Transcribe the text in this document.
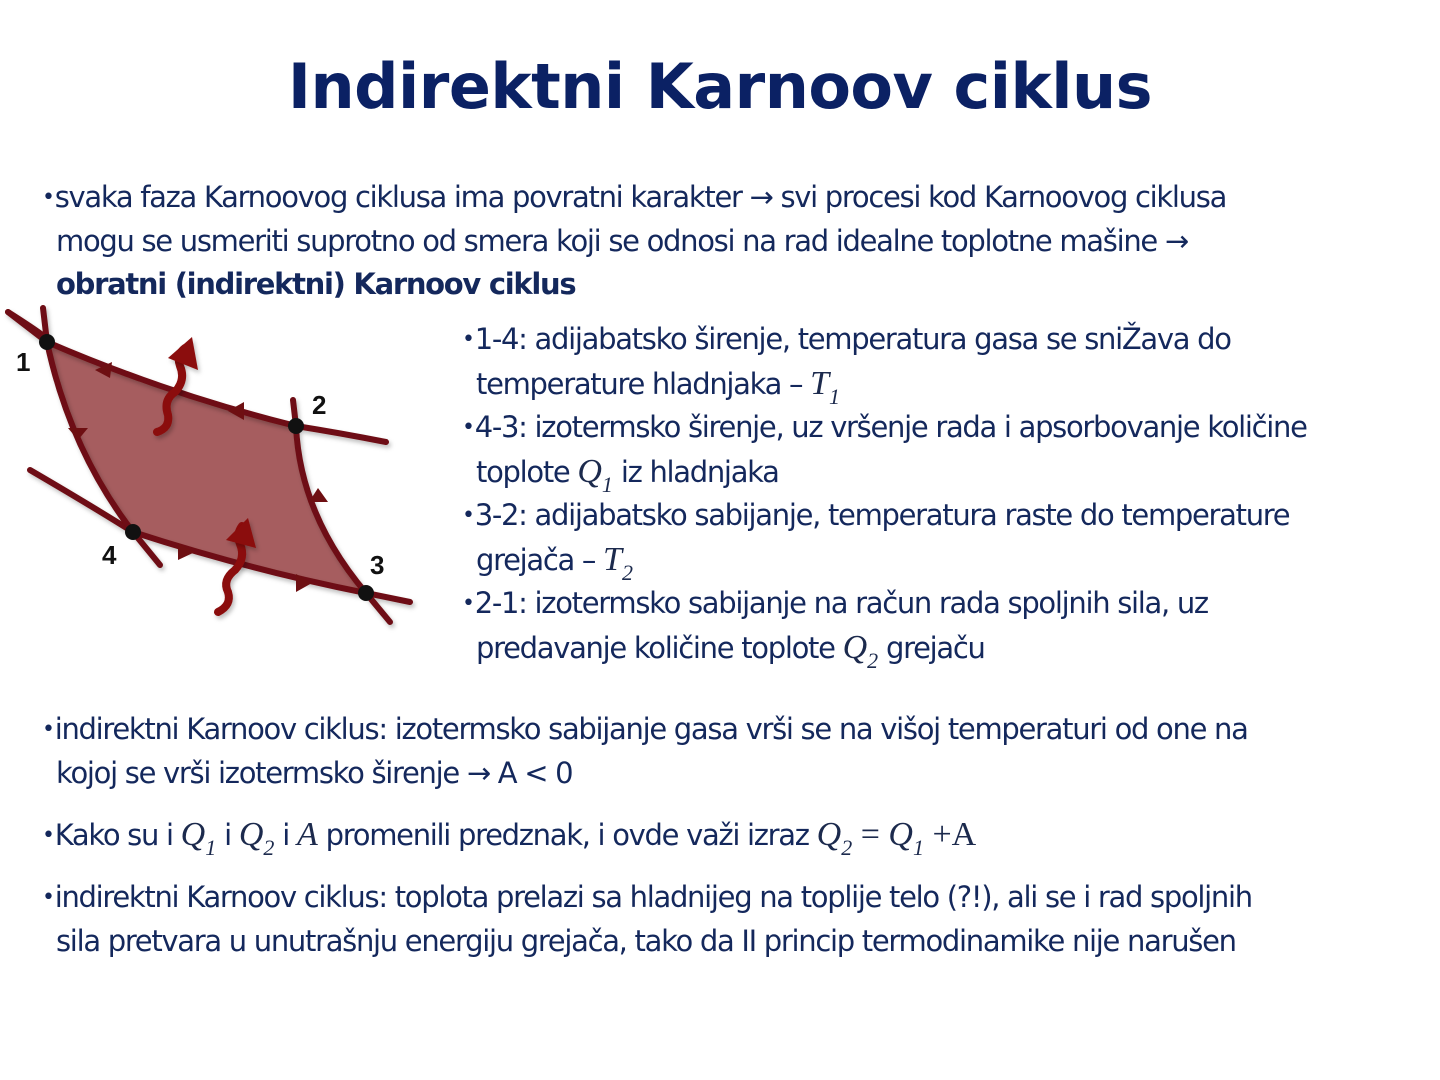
Indirektni Karnoov ciklus
•svaka faza Karnoovog ciklusa ima povratni karakter → svi procesi kod Karnoovog ciklusa
mogu se usmeriti suprotno od smera koji se odnosi na rad idealne toplotne mašine →
obratni (indirektni) Karnoov ciklus
1
2
3
4
•1-4: adijabatsko širenje, temperatura gasa se sniŽava do
temperature hladnjaka – $T_1$
•4-3: izotermsko širenje, uz vršenje rada i apsorbovanje količine
toplote $Q_1$ iz hladnjaka
•3-2: adijabatsko sabijanje, temperatura raste do temperature
grejača – $T_2$
•2-1: izotermsko sabijanje na račun rada spoljnih sila, uz
predavanje količine toplote $Q_2$ grejaču
•indirektni Karnoov ciklus: izotermsko sabijanje gasa vrši se na višoj temperaturi od one na
kojoj se vrši izotermsko širenje → A < 0
•Kako su i $Q_1$ i $Q_2$ i A promenili predznak, i ovde važi izraz $Q_2 = Q_1 +A$
•indirektni Karnoov ciklus: toplota prelazi sa hladnijeg na toplije telo (?!), ali se i rad spoljnih
sila pretvara u unutrašnju energiju grejača, tako da II princip termodinamike nije narušen
